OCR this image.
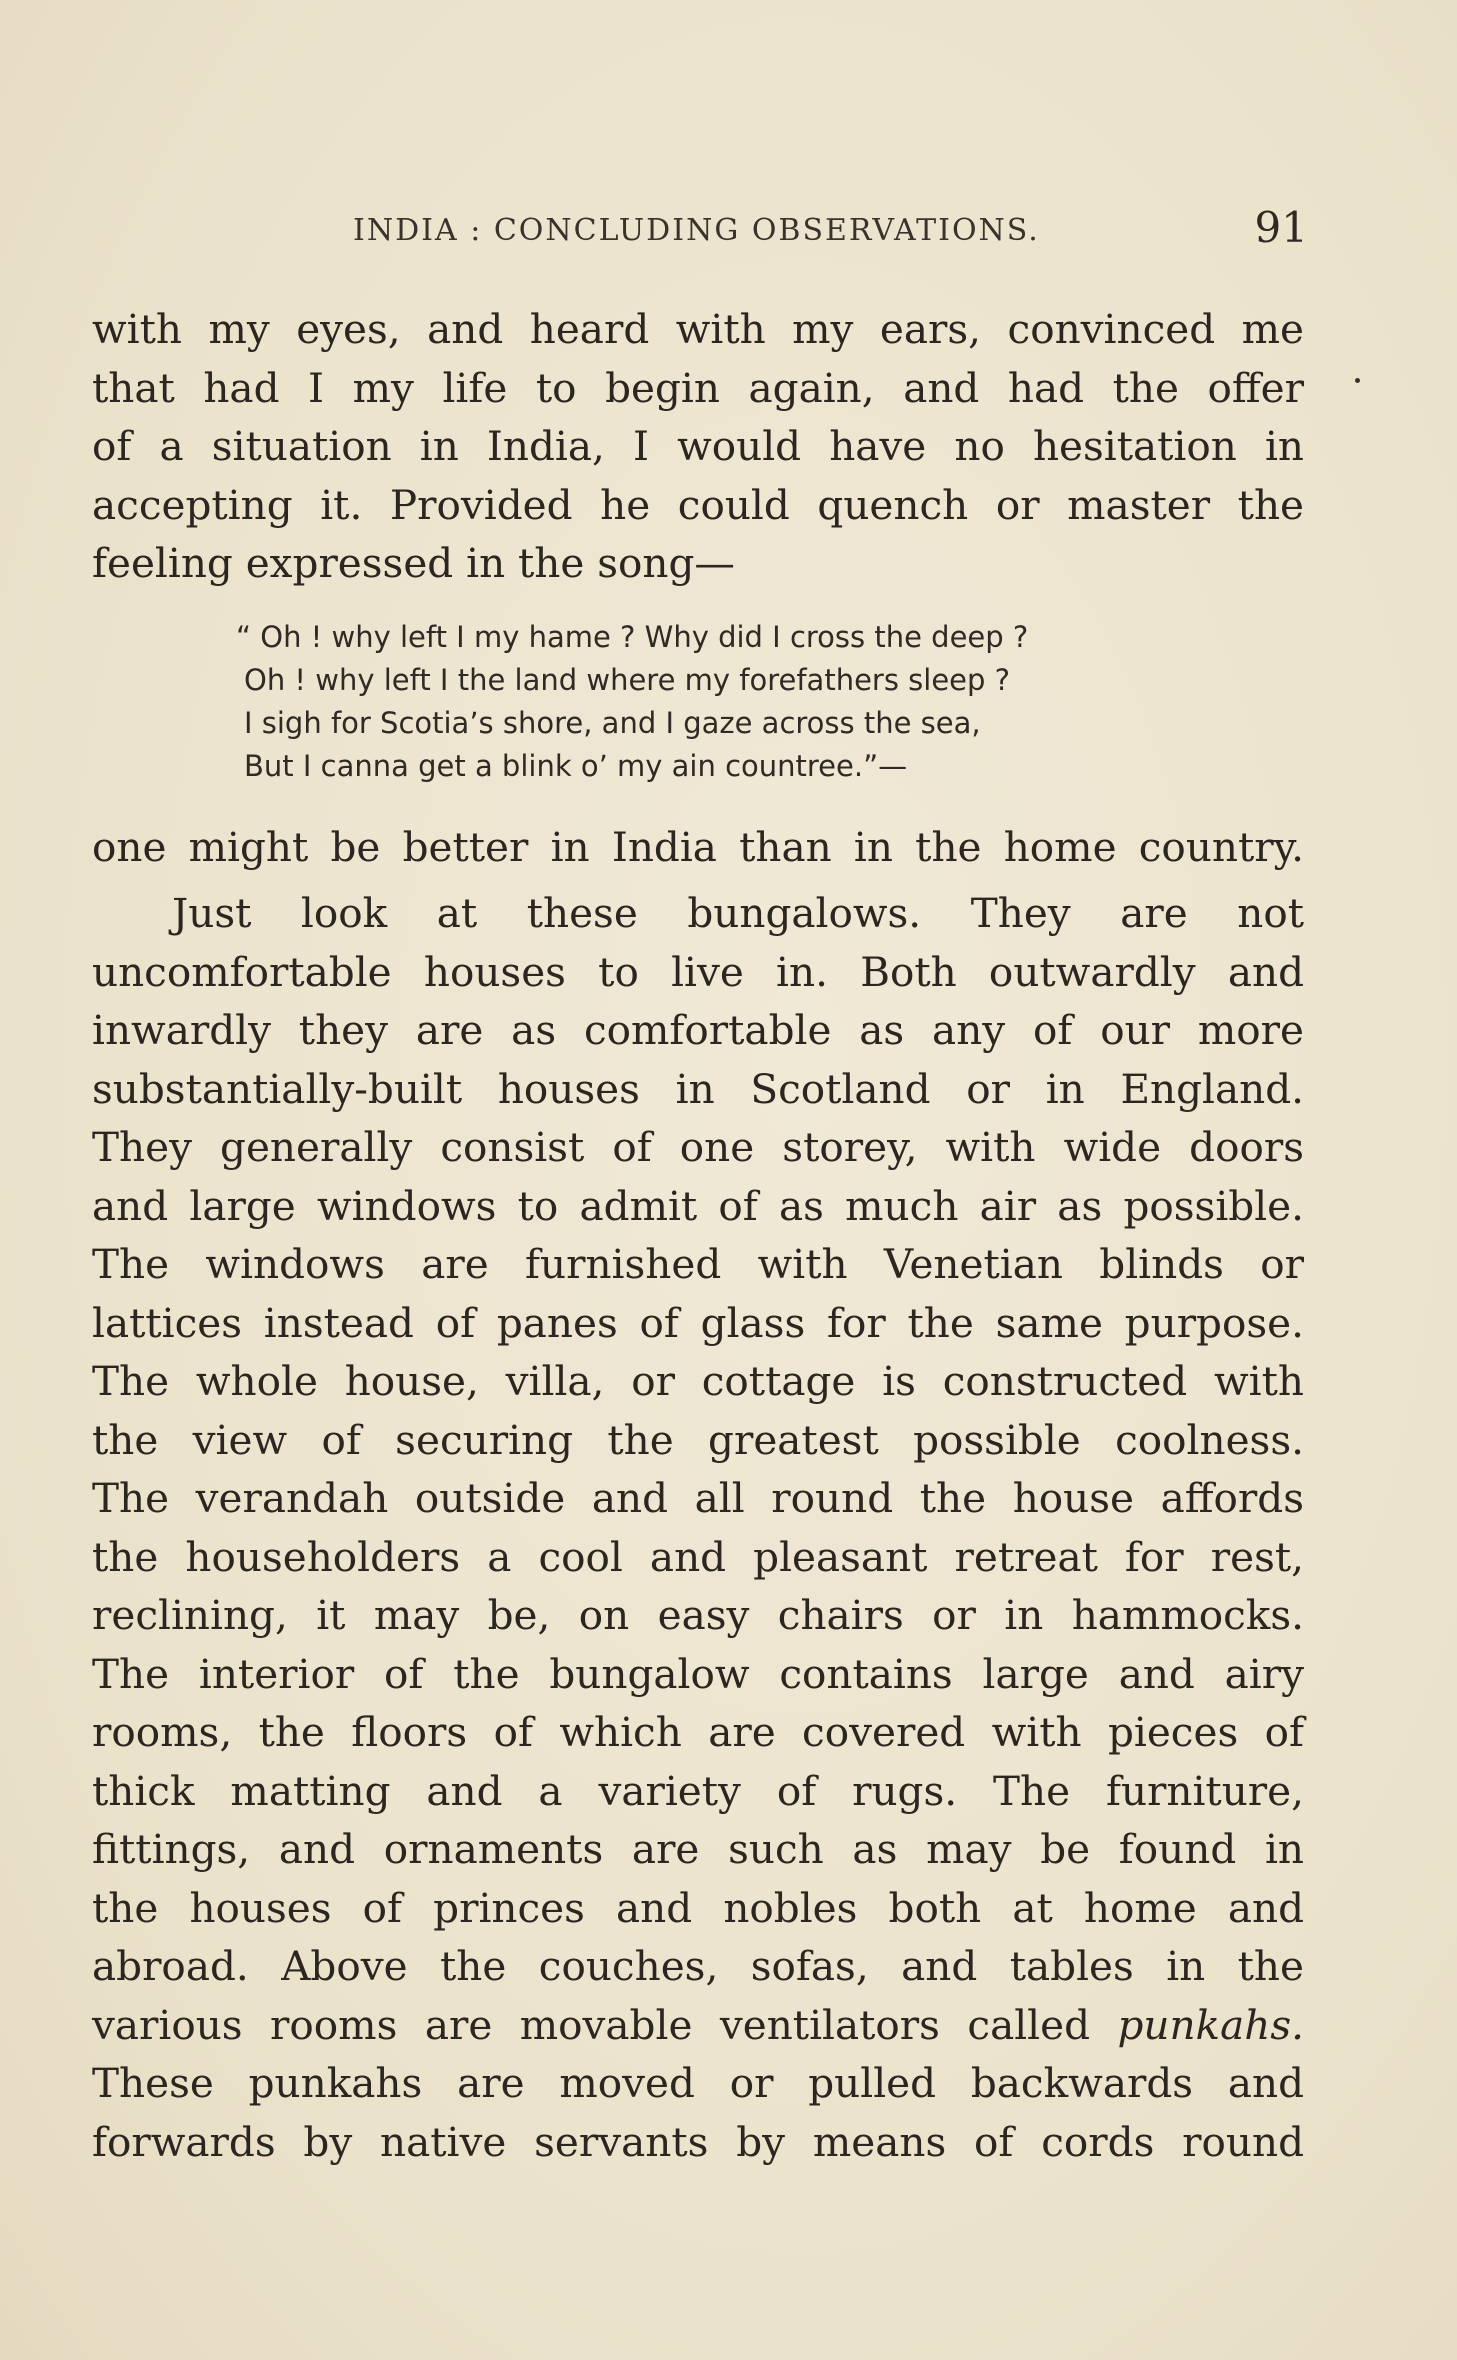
INDIA : CONCLUDING OBSERVATIONS.	91
with my eyes, and heard with my ears, convinced me
that had I my life to begin again, and had the offer
of a situation in India, I would have no hesitation in
accepting it. Provided he could quench or master the
feeling expressed in the song—
“ Oh ! why left I my hame ? Why did I cross the deep ?
Oh ! why left I the land where my forefathers sleep ?
I sigh for Scotia’s shore, and I gaze across the sea,
But I canna get a blink o’ my ain countree.”—
one might be better in India than in the home country.
Just look at these bungalows. They are not
uncomfortable houses to live in. Both outwardly and
inwardly they are as comfortable as any of our more
substantially-built houses in Scotland or in England.
They generally consist of one storey, with wide doors
and large windows to admit of as much air as possible.
The windows are furnished with Venetian blinds or
lattices instead of panes of glass for the same purpose.
The whole house, villa, or cottage is constructed with
the view of securing the greatest possible coolness.
The verandah outside and all round the house affords
the householders a cool and pleasant retreat for rest,
reclining, it may be, on easy chairs or in hammocks.
The interior of the bungalow contains large and airy
rooms, the floors of which are covered with pieces of
thick matting and a variety of rugs. The furniture,
fittings, and ornaments are such as may be found in
the houses of princes and nobles both at home and
abroad. Above the couches, sofas, and tables in the
various rooms are movable ventilators called punkahs.
These punkahs are moved or pulled backwards and
forwards by native servants by means of cords round
